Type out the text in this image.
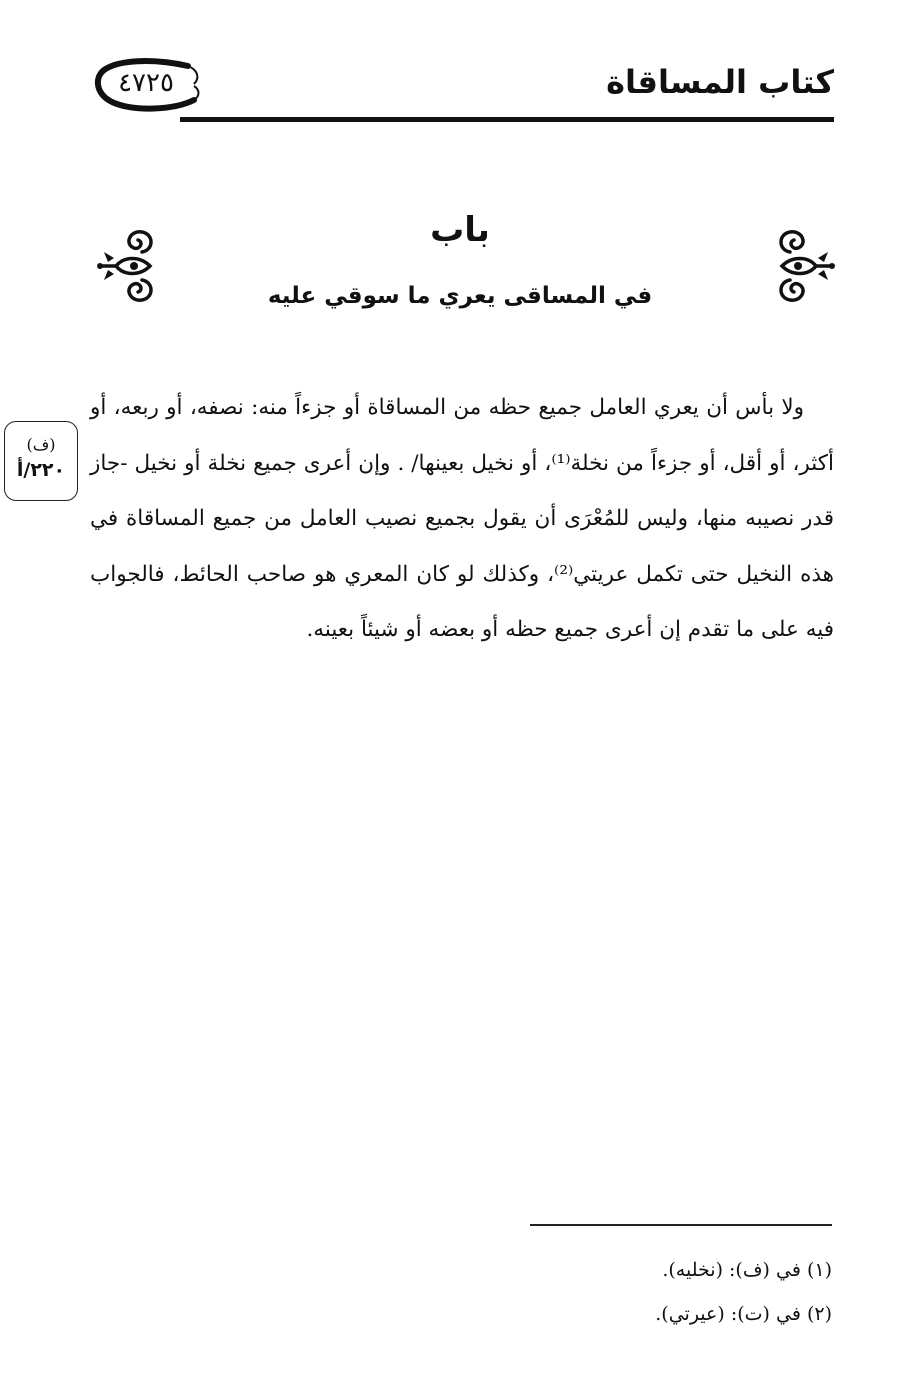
كتاب المساقاة
٤٧٢٥
باب
في المساقى يعري ما سوقي عليه
(ف)
٢٢٠/أ

ولا بأس أن يعري العامل جميع حظه من المساقاة أو جزءاً منه: نصفه، أو ربعه، أو أكثر، أو أقل، أو جزءاً من نخلة⁽¹⁾، أو نخيل بعينها/ . وإن أعرى جميع نخلة أو نخيل -جاز قدر نصيبه منها، وليس للمُعْرَى أن يقول بجميع نصيب العامل من جميع المساقاة في هذه النخيل حتى تكمل عريتي⁽²⁾، وكذلك لو كان المعري هو صاحب الحائط، فالجواب فيه على ما تقدم إن أعرى جميع حظه أو بعضه أو شيئاً بعينه.

(١) في (ف): (نخليه).
(٢) في (ت): (عيرتي).
